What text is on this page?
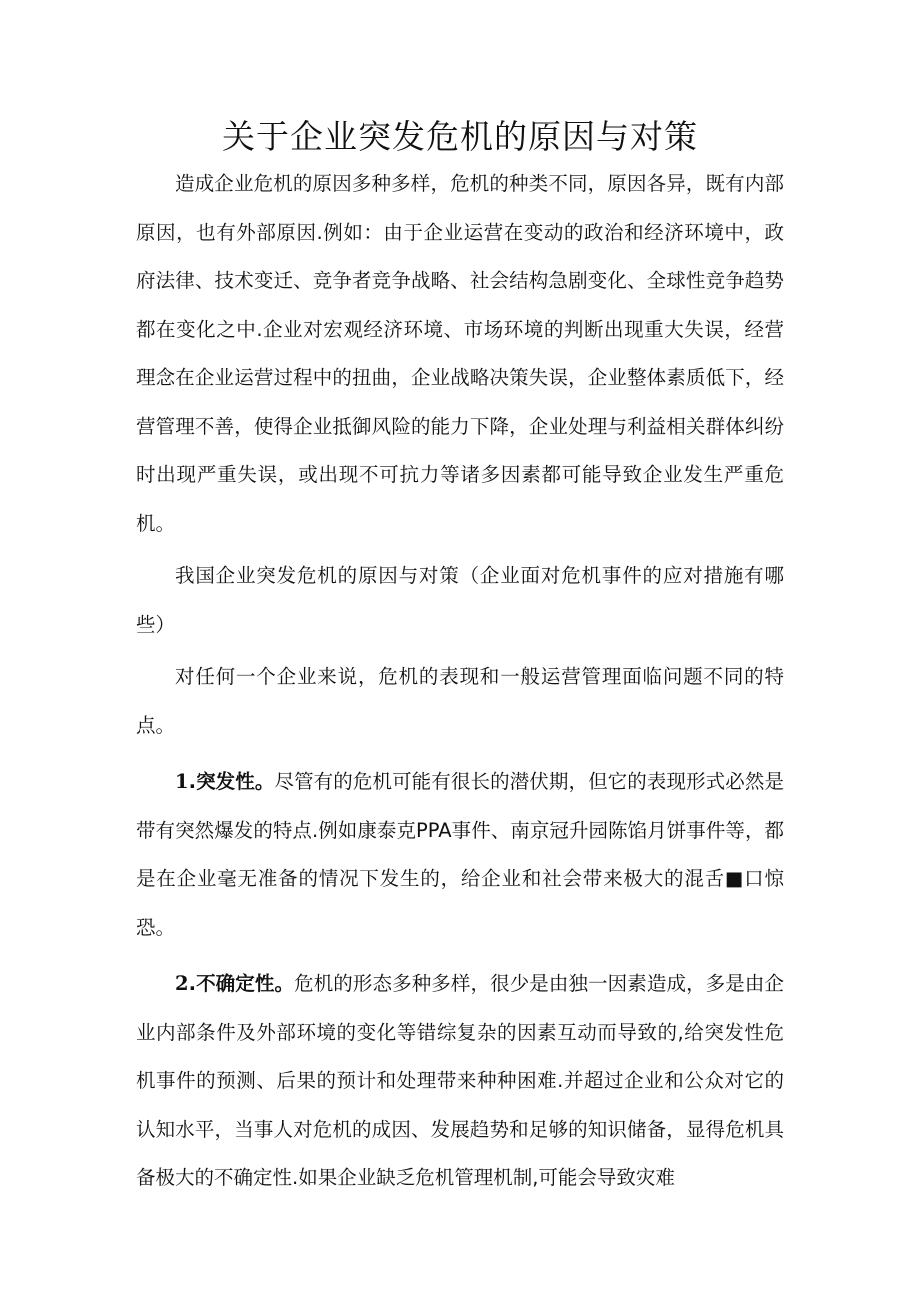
关于企业突发危机的原因与对策

造成企业危机的原因多种多样，危机的种类不同，原因各异，既有内部原因，也有外部原因.例如：由于企业运营在变动的政治和经济环境中，政府法律、技术变迁、竞争者竞争战略、社会结构急剧变化、全球性竞争趋势都在变化之中.企业对宏观经济环境、市场环境的判断出现重大失误，经营理念在企业运营过程中的扭曲，企业战略决策失误，企业整体素质低下，经营管理不善，使得企业抵御风险的能力下降，企业处理与利益相关群体纠纷时出现严重失误，或出现不可抗力等诸多因素都可能导致企业发生严重危机。

我国企业突发危机的原因与对策（企业面对危机事件的应对措施有哪些）

对任何一个企业来说，危机的表现和一般运营管理面临问题不同的特点。

1.突发性。尽管有的危机可能有很长的潜伏期，但它的表现形式必然是带有突然爆发的特点.例如康泰克PPA事件、南京冠升园陈馅月饼事件等，都是在企业毫无准备的情况下发生的，给企业和社会带来极大的混舌■口惊恐。

2.不确定性。危机的形态多种多样，很少是由独一因素造成，多是由企业内部条件及外部环境的变化等错综复杂的因素互动而导致的,给突发性危机事件的预测、后果的预计和处理带来种种困难.并超过企业和公众对它的认知水平，当事人对危机的成因、发展趋势和足够的知识储备，显得危机具备极大的不确定性.如果企业缺乏危机管理机制,可能会导致灾难
